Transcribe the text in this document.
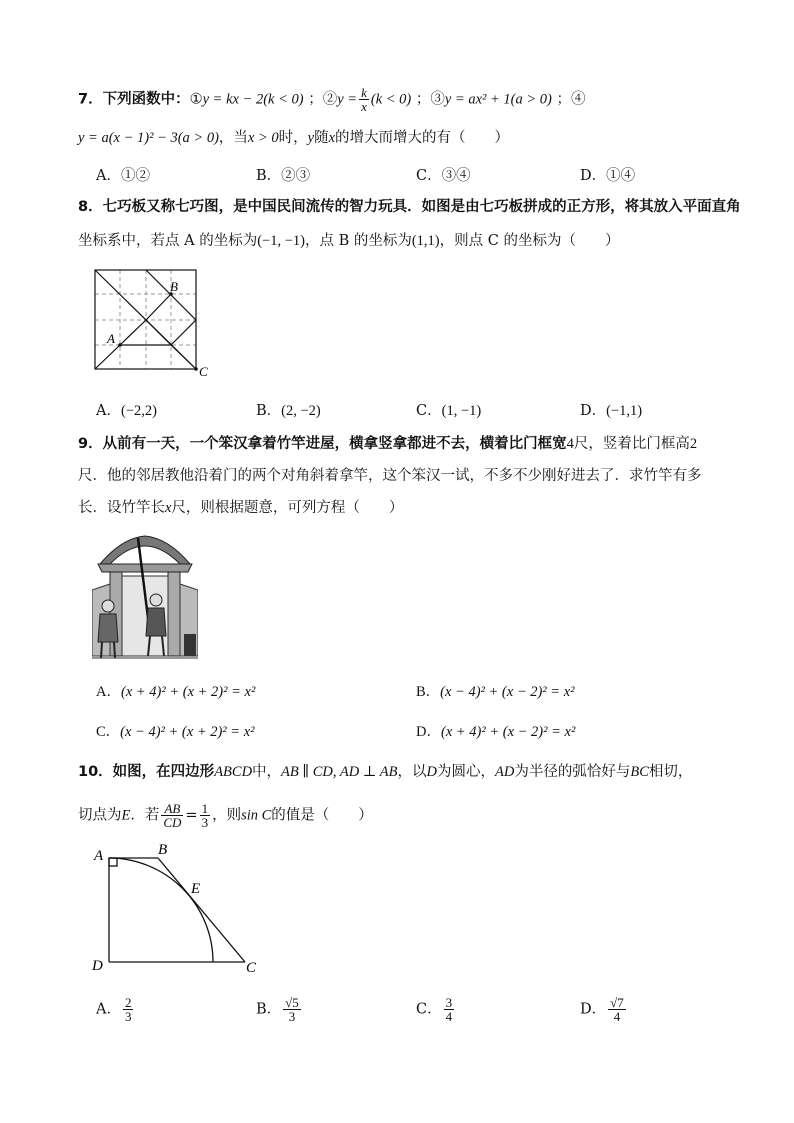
7．下列函数中：①y = kx − 2(k < 0) ；②y = $\frac{k}{x} (k < 0)$ ；③y = ax² + 1(a > 0) ；④
y = a(x − 1)² − 3(a > 0)，当x > 0时，y随x的增大而增大的有（　　）
A．①②	B．②③	C．③④	D．①④
8．七巧板又称七巧图，是中国民间流传的智力玩具．如图是由七巧板拼成的正方形，将其放入平面直角
坐标系中，若点 A 的坐标为(−1, −1)，点 B 的坐标为(1,1)，则点 C 的坐标为（　　）
B
A
C
A．(−2,2)	B．(2, −2)	C．(1, −1)	D．(−1,1)
9．从前有一天，一个笨汉拿着竹竿进屋，横拿竖拿都进不去，横着比门框宽4尺，竖着比门框高2
尺．他的邻居教他沿着门的两个对角斜着拿竿，这个笨汉一试，不多不少刚好进去了．求竹竿有多
长．设竹竿长x尺，则根据题意，可列方程（　　）
A．(x + 4)² + (x + 2)² = x²	B．(x − 4)² + (x − 2)² = x²
C．(x − 4)² + (x + 2)² = x²	D．(x + 4)² + (x − 2)² = x²
10．如图，在四边形ABCD中，AB ∥ CD, AD ⊥ AB，以D为圆心，AD为半径的弧恰好与BC相切，
切点为E．若 $\frac{AB}{CD} = \frac{1}{3}$ ，则sin C的值是（　　）
A	B
E
D	C
A． $\frac{2}{3}$	B． $\frac{√5}{3}$	C． $\frac{3}{4}$	D． $\frac{√7}{4}$
